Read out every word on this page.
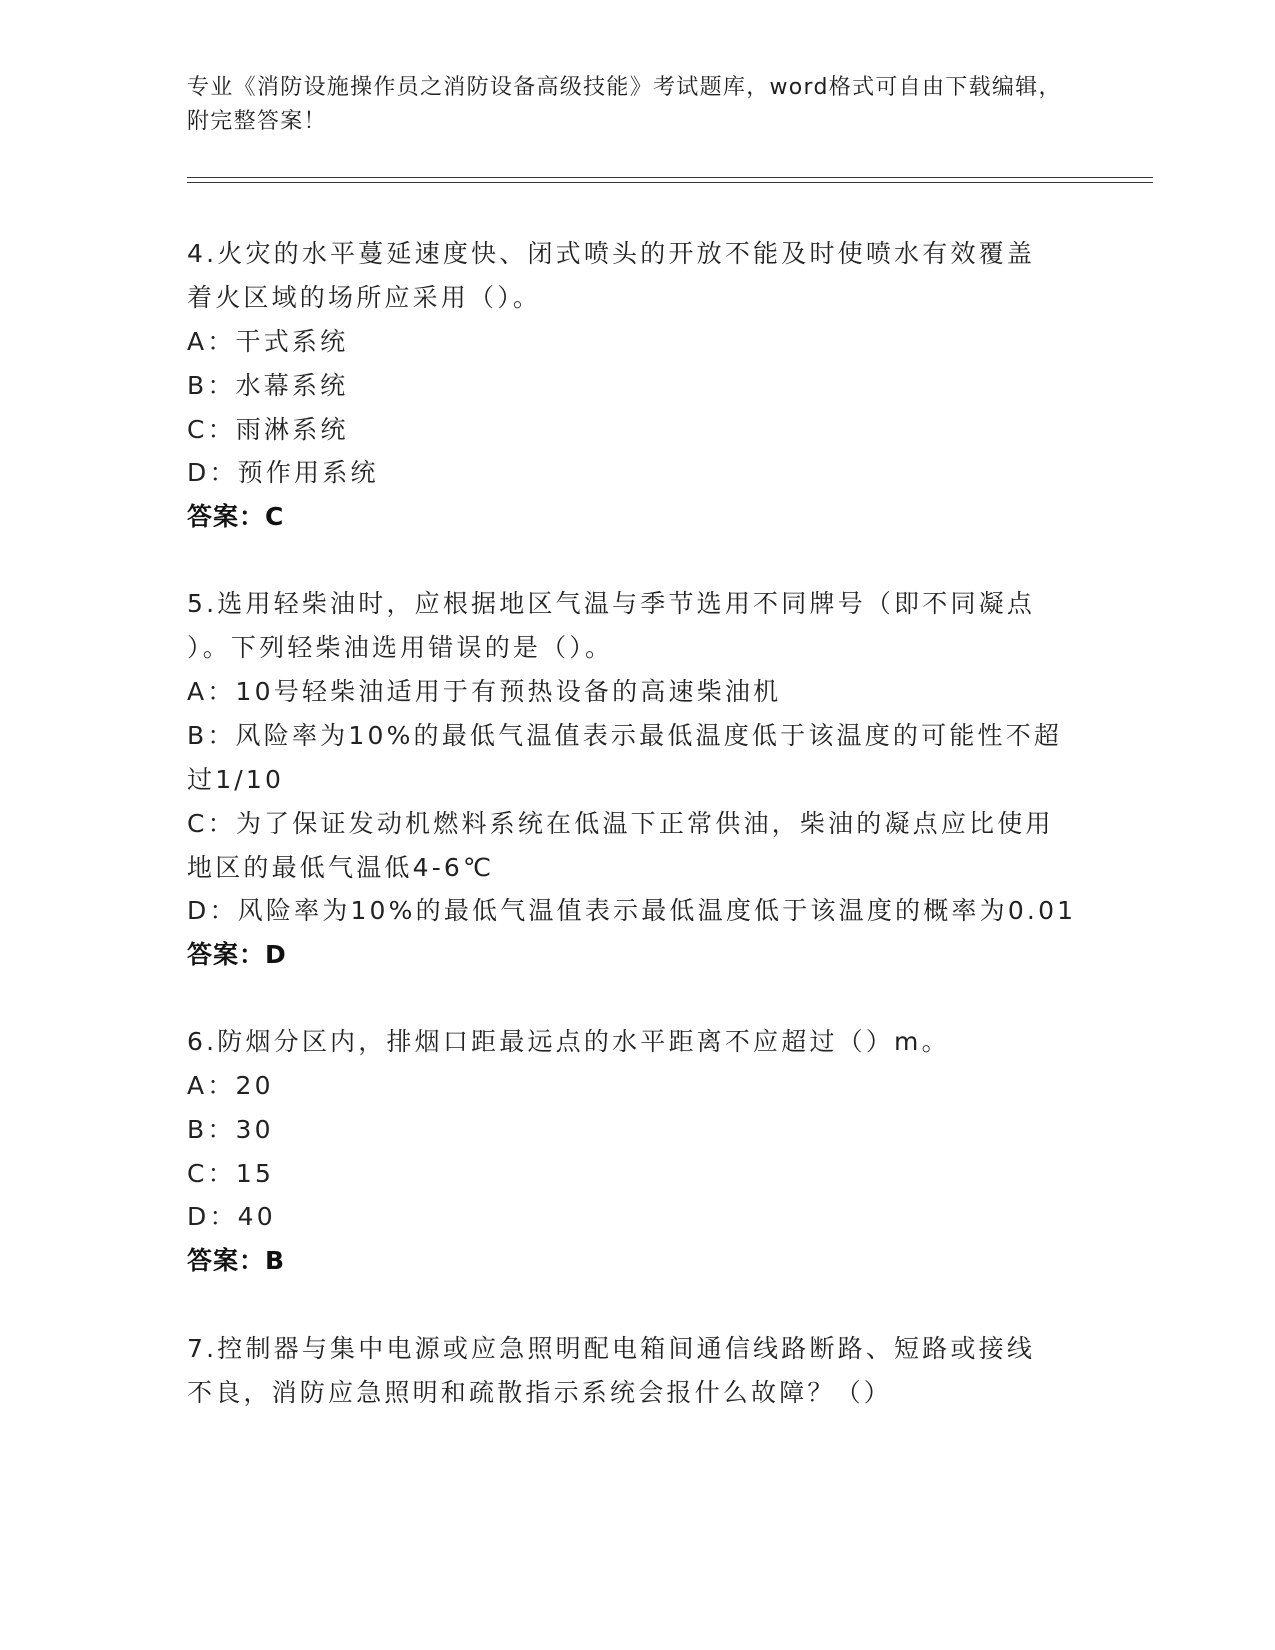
专业《消防设施操作员之消防设备高级技能》考试题库，word格式可自由下载编辑，附完整答案！
4.火灾的水平蔓延速度快、闭式喷头的开放不能及时使喷水有效覆盖
着火区域的场所应采用（）。
A：干式系统
B：水幕系统
C：雨淋系统
D：预作用系统
答案：C
5.选用轻柴油时，应根据地区气温与季节选用不同牌号（即不同凝点
）。下列轻柴油选用错误的是（）。
A：10号轻柴油适用于有预热设备的高速柴油机
B：风险率为10%的最低气温值表示最低温度低于该温度的可能性不超
过1/10
C：为了保证发动机燃料系统在低温下正常供油，柴油的凝点应比使用
地区的最低气温低4-6℃
D：风险率为10%的最低气温值表示最低温度低于该温度的概率为0.01
答案：D
6.防烟分区内，排烟口距最远点的水平距离不应超过（）m。
A：20
B：30
C：15
D：40
答案：B
7.控制器与集中电源或应急照明配电箱间通信线路断路、短路或接线
不良，消防应急照明和疏散指示系统会报什么故障？（）
